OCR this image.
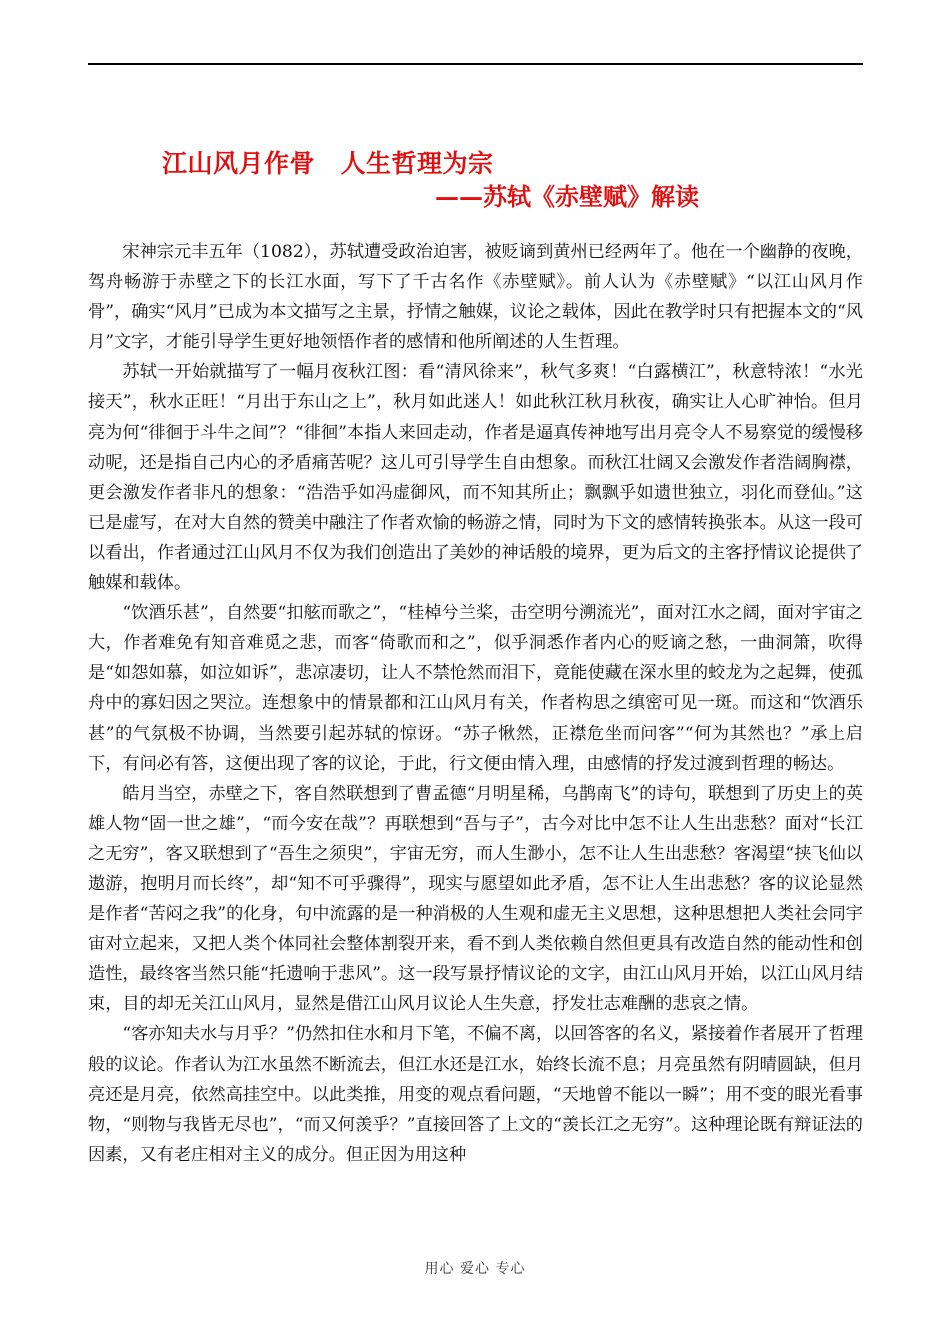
江山风月作骨　人生哲理为宗
——苏轼《赤壁赋》解读

宋神宗元丰五年（1082），苏轼遭受政治迫害，被贬谪到黄州已经两年了。他在一个幽静的夜晚，驾舟畅游于赤壁之下的长江水面，写下了千古名作《赤壁赋》。前人认为《赤壁赋》“以江山风月作骨”，确实“风月”已成为本文描写之主景，抒情之触媒，议论之载体，因此在教学时只有把握本文的“风月”文字，才能引导学生更好地领悟作者的感情和他所阐述的人生哲理。

苏轼一开始就描写了一幅月夜秋江图：看“清风徐来”，秋气多爽！“白露横江”，秋意特浓！“水光接天”，秋水正旺！“月出于东山之上”，秋月如此迷人！如此秋江秋月秋夜，确实让人心旷神怡。但月亮为何“徘徊于斗牛之间”？“徘徊”本指人来回走动，作者是逼真传神地写出月亮令人不易察觉的缓慢移动呢，还是指自己内心的矛盾痛苦呢？这儿可引导学生自由想象。而秋江壮阔又会激发作者浩阔胸襟，更会激发作者非凡的想象：“浩浩乎如冯虚御风，而不知其所止；飘飘乎如遗世独立，羽化而登仙。”这已是虚写，在对大自然的赞美中融注了作者欢愉的畅游之情，同时为下文的感情转换张本。从这一段可以看出，作者通过江山风月不仅为我们创造出了美妙的神话般的境界，更为后文的主客抒情议论提供了触媒和载体。

“饮酒乐甚”，自然要“扣舷而歌之”，“桂棹兮兰桨，击空明兮溯流光”，面对江水之阔，面对宇宙之大，作者难免有知音难觅之悲，而客“倚歌而和之”，似乎洞悉作者内心的贬谪之愁，一曲洞箫，吹得是“如怨如慕，如泣如诉”，悲凉凄切，让人不禁怆然而泪下，竟能使藏在深水里的蛟龙为之起舞，使孤舟中的寡妇因之哭泣。连想象中的情景都和江山风月有关，作者构思之缜密可见一斑。而这和“饮酒乐甚”的气氛极不协调，当然要引起苏轼的惊讶。“苏子愀然，正襟危坐而问客”“何为其然也？”承上启下，有问必有答，这便出现了客的议论，于此，行文便由情入理，由感情的抒发过渡到哲理的畅达。

皓月当空，赤壁之下，客自然联想到了曹孟德“月明星稀，乌鹊南飞”的诗句，联想到了历史上的英雄人物“固一世之雄”，“而今安在哉”？再联想到“吾与子”，古今对比中怎不让人生出悲愁？面对“长江之无穷”，客又联想到了“吾生之须臾”，宇宙无穷，而人生渺小，怎不让人生出悲愁？客渴望“挟飞仙以遨游，抱明月而长终”，却“知不可乎骤得”，现实与愿望如此矛盾，怎不让人生出悲愁？客的议论显然是作者“苦闷之我”的化身，句中流露的是一种消极的人生观和虚无主义思想，这种思想把人类社会同宇宙对立起来，又把人类个体同社会整体割裂开来，看不到人类依赖自然但更具有改造自然的能动性和创造性，最终客当然只能“托遗响于悲风”。这一段写景抒情议论的文字，由江山风月开始，以江山风月结束，目的却无关江山风月，显然是借江山风月议论人生失意，抒发壮志难酬的悲哀之情。

“客亦知夫水与月乎？”仍然扣住水和月下笔，不偏不离，以回答客的名义，紧接着作者展开了哲理般的议论。作者认为江水虽然不断流去，但江水还是江水，始终长流不息；月亮虽然有阴晴圆缺，但月亮还是月亮，依然高挂空中。以此类推，用变的观点看问题，“天地曾不能以一瞬”；用不变的眼光看事物，“则物与我皆无尽也”，“而又何羡乎？”直接回答了上文的“羡长江之无穷”。这种理论既有辩证法的因素，又有老庄相对主义的成分。但正因为用这种

用心 爱心 专心
